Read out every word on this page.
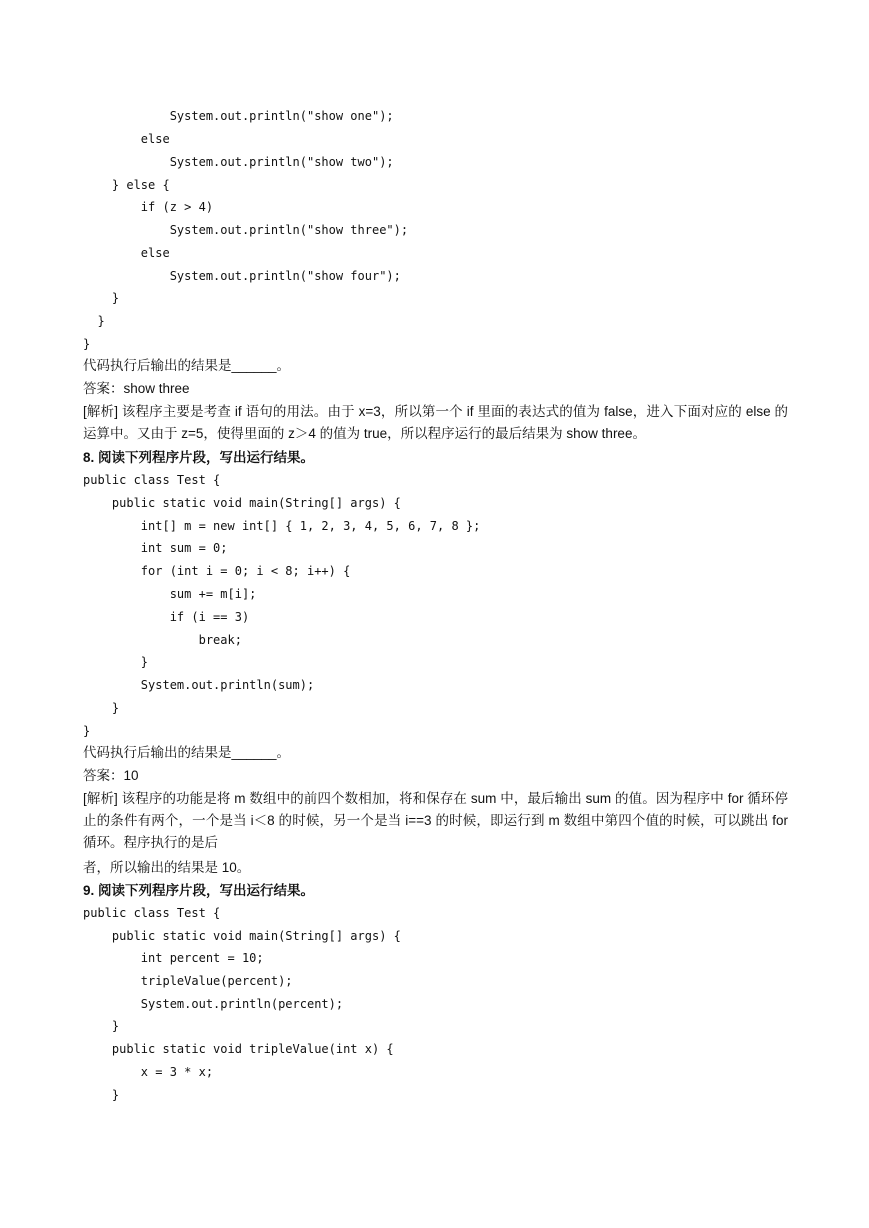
System.out.println("show one");
else
System.out.println("show two");
} else {
if (z > 4)
System.out.println("show three");
else
System.out.println("show four");
}
}
}
代码执行后输出的结果是______。
答案：show three
[解析] 该程序主要是考查 if 语句的用法。由于 x=3，所以第一个 if 里面的表达式的值为 false，进入下面对应的 else 的运算中。又由于 z=5，使得里面的 z＞4 的值为 true，所以程序运行的最后结果为 show three。
8. 阅读下列程序片段，写出运行结果。
public class Test {
public static void main(String[] args) {
int[] m = new int[] { 1, 2, 3, 4, 5, 6, 7, 8 };
int sum = 0;
for (int i = 0; i < 8; i++) {
sum += m[i];
if (i == 3)
break;
}
System.out.println(sum);
}
}
代码执行后输出的结果是______。
答案：10
[解析] 该程序的功能是将 m 数组中的前四个数相加，将和保存在 sum 中，最后输出 sum 的值。因为程序中 for 循环停止的条件有两个，一个是当 i＜8 的时候，另一个是当 i==3 的时候，即运行到 m 数组中第四个值的时候，可以跳出 for 循环。程序执行的是后
者，所以输出的结果是 10。
9. 阅读下列程序片段，写出运行结果。
public class Test {
public static void main(String[] args) {
int percent = 10;
tripleValue(percent);
System.out.println(percent);
}
public static void tripleValue(int x) {
x = 3 * x;
}
